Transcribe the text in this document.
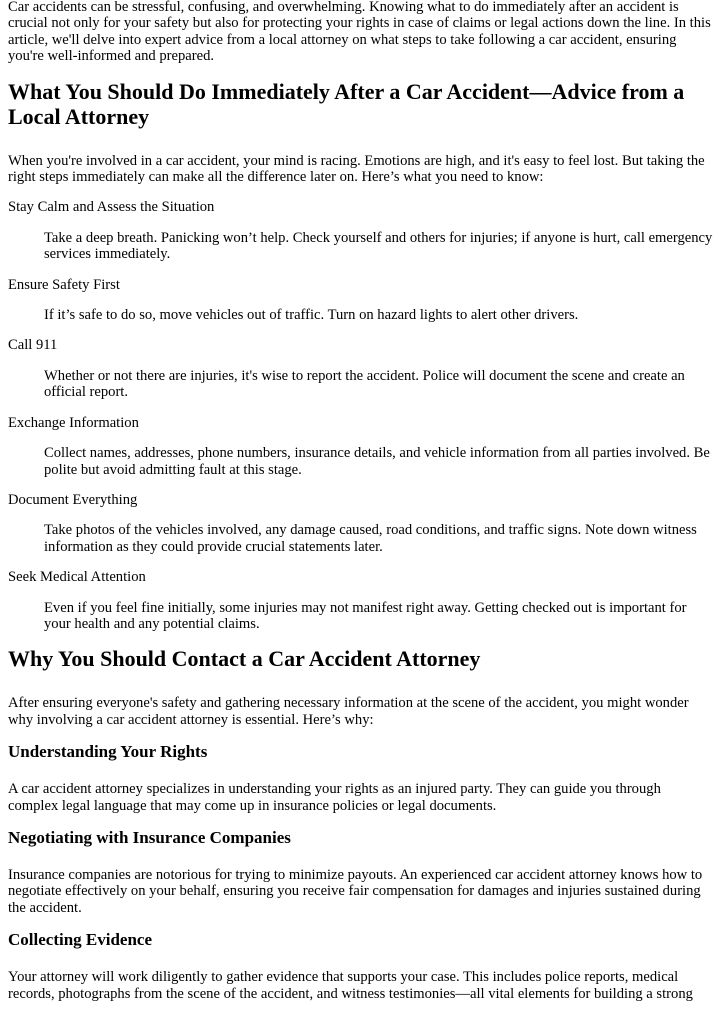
Car accidents can be stressful, confusing, and overwhelming. Knowing what to do immediately after an accident is crucial not only for your safety but also for protecting your rights in case of claims or legal actions down the line. In this article, we'll delve into expert advice from a local attorney on what steps to take following a car accident, ensuring you're well-informed and prepared.

What You Should Do Immediately After a Car Accident—Advice from a Local Attorney

When you're involved in a car accident, your mind is racing. Emotions are high, and it's easy to feel lost. But taking the right steps immediately can make all the difference later on. Here’s what you need to know:

Stay Calm and Assess the Situation
Take a deep breath. Panicking won’t help. Check yourself and others for injuries; if anyone is hurt, call emergency services immediately.
Ensure Safety First
If it’s safe to do so, move vehicles out of traffic. Turn on hazard lights to alert other drivers.
Call 911
Whether or not there are injuries, it's wise to report the accident. Police will document the scene and create an official report.
Exchange Information
Collect names, addresses, phone numbers, insurance details, and vehicle information from all parties involved. Be polite but avoid admitting fault at this stage.
Document Everything
Take photos of the vehicles involved, any damage caused, road conditions, and traffic signs. Note down witness information as they could provide crucial statements later.
Seek Medical Attention
Even if you feel fine initially, some injuries may not manifest right away. Getting checked out is important for your health and any potential claims.
Why You Should Contact a Car Accident Attorney

After ensuring everyone's safety and gathering necessary information at the scene of the accident, you might wonder why involving a car accident attorney is essential. Here’s why:

Understanding Your Rights

A car accident attorney specializes in understanding your rights as an injured party. They can guide you through complex legal language that may come up in insurance policies or legal documents.

Negotiating with Insurance Companies

Insurance companies are notorious for trying to minimize payouts. An experienced car accident attorney knows how to negotiate effectively on your behalf, ensuring you receive fair compensation for damages and injuries sustained during the accident.

Collecting Evidence

Your attorney will work diligently to gather evidence that supports your case. This includes police reports, medical records, photographs from the scene of the accident, and witness testimonies—all vital elements for building a strong
